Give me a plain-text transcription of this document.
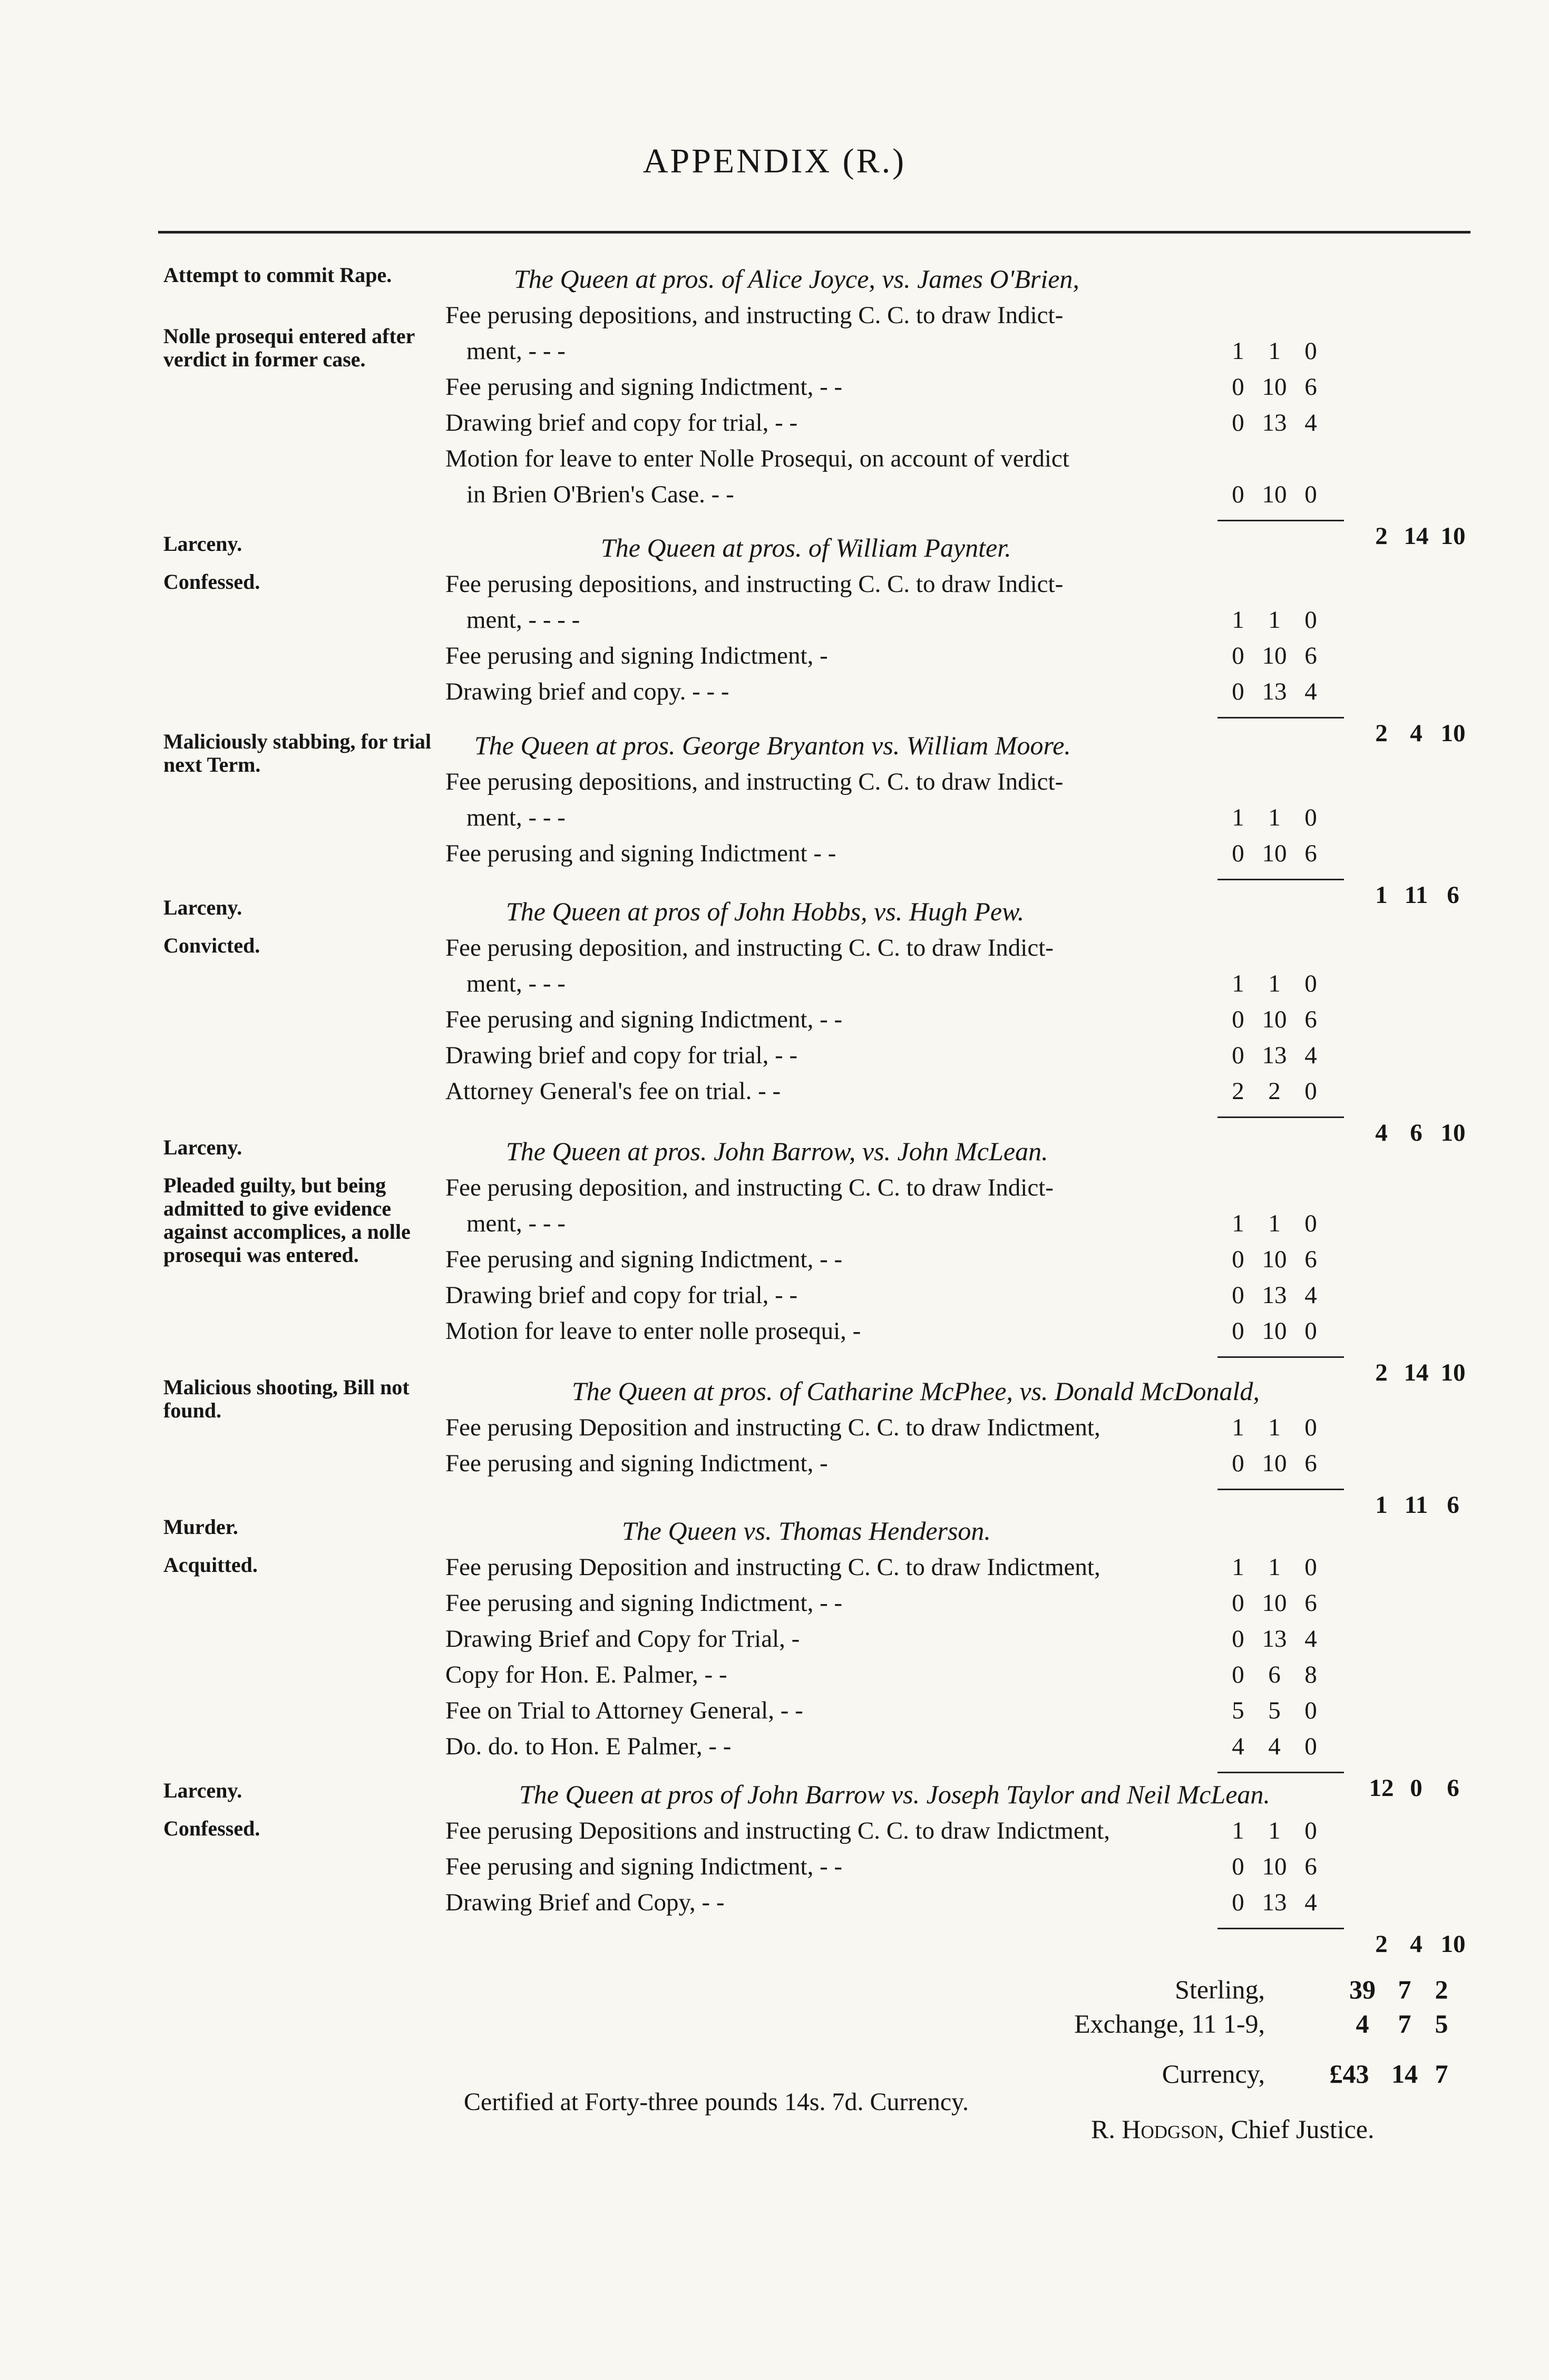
APPENDIX (R.)
The Queen at pros. of Alice Joyce, vs. James O'Brien,
Attempt to commit Rape.
Nolle prosequi entered after verdict in former case.
Fee perusing depositions, and instructing C. C. to draw Indict-
ment, - - -	1 1 0
Fee perusing and signing Indictment, - -	0 10 6
Drawing brief and copy for trial, - -	0 13 4
Motion for leave to enter Nolle Prosequi, on account of verdict
in Brien O'Brien's Case. - -	0 10 0
2 14 10
The Queen at pros. of William Paynter.
Larceny.
Confessed.	Fee perusing depositions, and instructing C. C. to draw Indict-
ment, - - - -	1 1 0
Fee perusing and signing Indictment, -	0 10 6
Drawing brief and copy. - - -	0 13 4
2 4 10
The Queen at pros. George Bryanton vs. William Moore.
Maliciously stabbing, for trial next Term.
Fee perusing depositions, and instructing C. C. to draw Indict-
ment, - - -	1 1 0
Fee perusing and signing Indictment - -	0 10 6
1 11 6
The Queen at pros of John Hobbs, vs. Hugh Pew.
Larceny.
Convicted.	Fee perusing deposition, and instructing C. C. to draw Indict-
ment, - - -	1 1 0
Fee perusing and signing Indictment, - -	0 10 6
Drawing brief and copy for trial, - -	0 13 4
Attorney General's fee on trial. - -	2 2 0
4 6 10
The Queen at pros. John Barrow, vs. John McLean.
Larceny.
Pleaded guilty, but being admitted to give evidence against accomplices, a nolle prosequi was entered.
Fee perusing deposition, and instructing C. C. to draw Indict-
ment, - - -	1 1 0
Fee perusing and signing Indictment, - -	0 10 6
Drawing brief and copy for trial, - -	0 13 4
Motion for leave to enter nolle prosequi, -	0 10 0
2 14 10
The Queen at pros. of Catharine McPhee, vs. Donald McDonald,
Malicious shooting, Bill not found.
Fee perusing Deposition and instructing C. C. to draw Indictment,	1 1 0
Fee perusing and signing Indictment, -	0 10 6
1 11 6
The Queen vs. Thomas Henderson.
Murder.
Acquitted.	Fee perusing Deposition and instructing C. C. to draw Indictment,	1 1 0
Fee perusing and signing Indictment, - -	0 10 6
Drawing Brief and Copy for Trial, -	0 13 4
Copy for Hon. E. Palmer, - -	0 6 8
Fee on Trial to Attorney General, - -	5 5 0
Do. do. to Hon. E Palmer, - -	4 4 0
12 0 6
The Queen at pros of John Barrow vs. Joseph Taylor and Neil McLean.
Larceny.
Confessed.	Fee perusing Depositions and instructing C. C. to draw Indictment,	1 1 0
Fee perusing and signing Indictment, - -	0 10 6
Drawing Brief and Copy, - -	0 13 4
2 4 10
Sterling,	39 7 2
Exchange, 11 1-9,	4	7 5
Currency,	£43 14 7
Certified at Forty-three pounds 14s. 7d. Currency.
R. Hodgson, Chief Justice.
